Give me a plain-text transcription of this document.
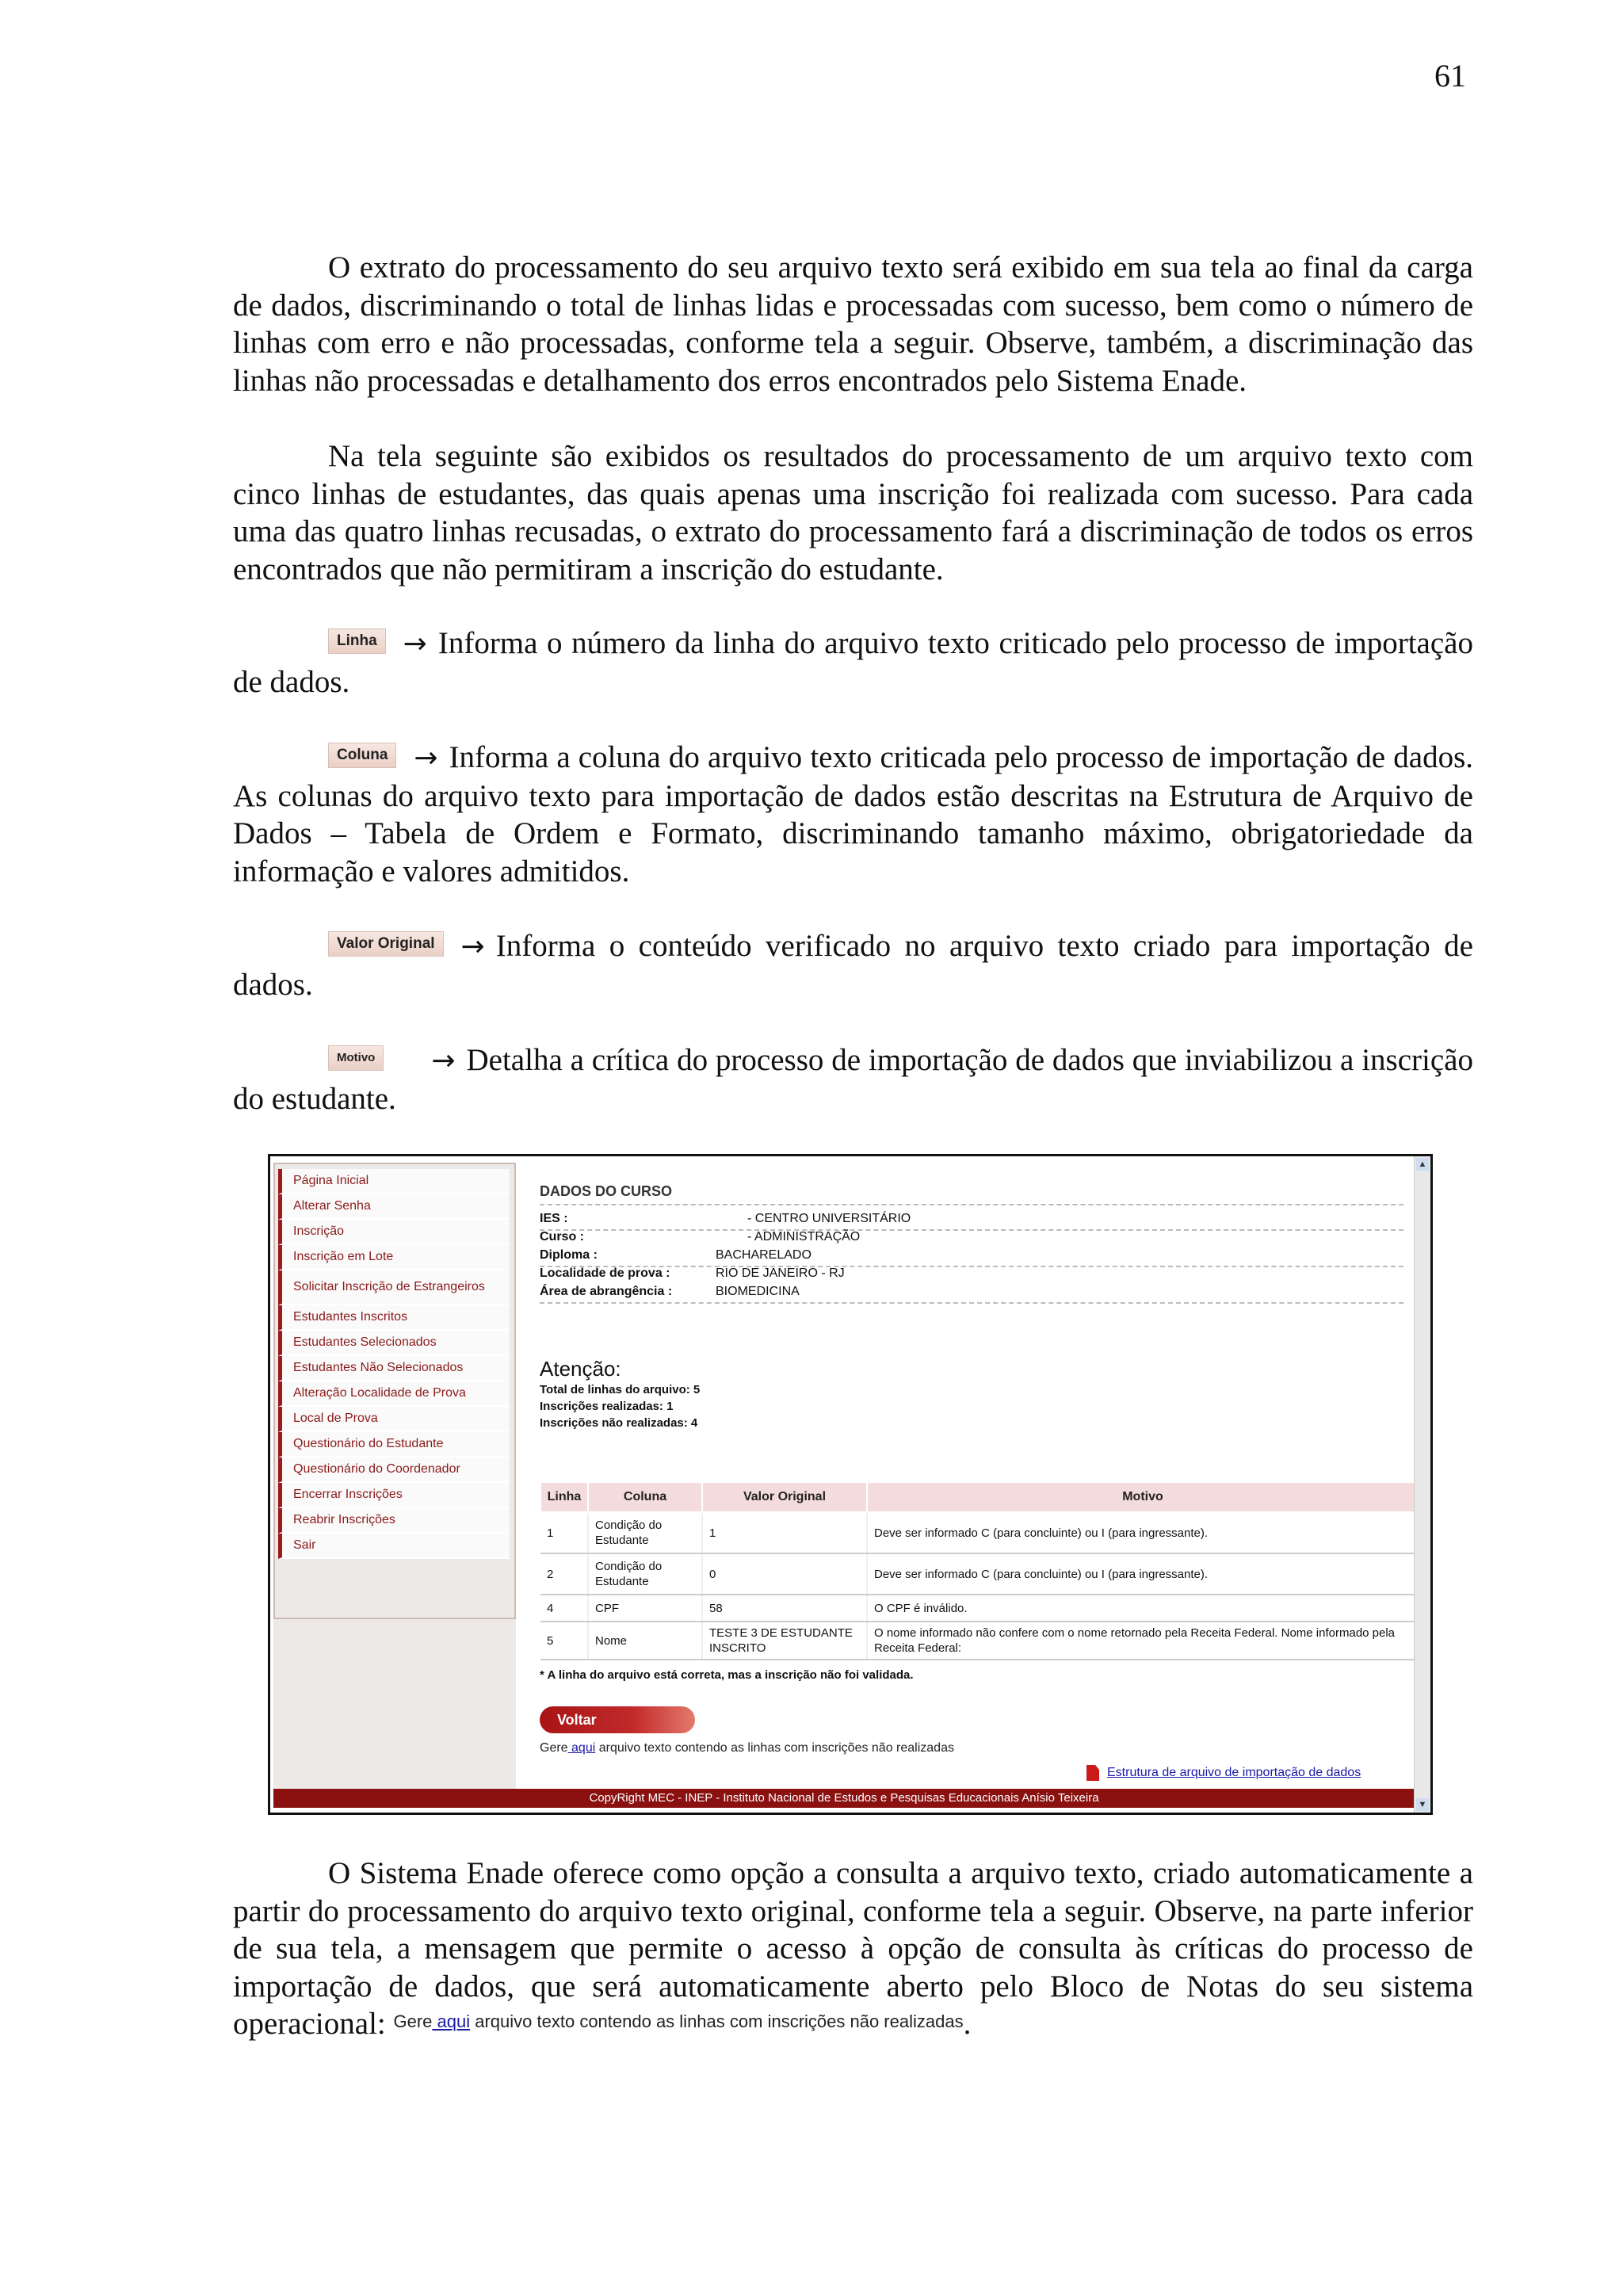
61

O extrato do processamento do seu arquivo texto será exibido em sua tela ao final da carga de dados, discriminando o total de linhas lidas e processadas com sucesso, bem como o número de linhas com erro e não processadas, conforme tela a seguir. Observe, também, a discriminação das linhas não processadas e detalhamento dos erros encontrados pelo Sistema Enade.

Na tela seguinte são exibidos os resultados do processamento de um arquivo texto com cinco linhas de estudantes, das quais apenas uma inscrição foi realizada com sucesso. Para cada uma das quatro linhas recusadas, o extrato do processamento fará a discriminação de todos os erros encontrados que não permitiram a inscrição do estudante.

Linha → Informa o número da linha do arquivo texto criticado pelo processo de importação de dados.

Coluna → Informa a coluna do arquivo texto criticada pelo processo de importação de dados. As colunas do arquivo texto para importação de dados estão descritas na Estrutura de Arquivo de Dados – Tabela de Ordem e Formato, discriminando tamanho máximo, obrigatoriedade da informação e valores admitidos.

Valor Original → Informa o conteúdo verificado no arquivo texto criado para importação de dados.

Motivo → Detalha a crítica do processo de importação de dados que inviabilizou a inscrição do estudante.

Página Inicial
Alterar Senha
Inscrição
Inscrição em Lote
Solicitar Inscrição de Estrangeiros
Estudantes Inscritos
Estudantes Selecionados
Estudantes Não Selecionados
Alteração Localidade de Prova
Local de Prova
Questionário do Estudante
Questionário do Coordenador
Encerrar Inscrições
Reabrir Inscrições
Sair
DADOS DO CURSO
IES :	- CENTRO UNIVERSITÁRIO
Curso :	- ADMINISTRAÇÃO
Diploma :	BACHARELADO
Localidade de prova :	RIO DE JANEIRO - RJ
Área de abrangência :	BIOMEDICINA
Atenção:
Total de linhas do arquivo: 5
Inscrições realizadas: 1
Inscrições não realizadas: 4
Linha	Coluna	Valor Original	Motivo
1	Condição do Estudante	1	Deve ser informado C (para concluinte) ou I (para ingressante).
2	Condição do Estudante	0	Deve ser informado C (para concluinte) ou I (para ingressante).
4	CPF	58	O CPF é inválido.
5	Nome	TESTE 3 DE ESTUDANTE INSCRITO	O nome informado não confere com o nome retornado pela Receita Federal. Nome informado pela Receita Federal:
* A linha do arquivo está correta, mas a inscrição não foi validada.
Voltar
Gere aqui arquivo texto contendo as linhas com inscrições não realizadas
Estrutura de arquivo de importação de dados
CopyRight MEC - INEP - Instituto Nacional de Estudos e Pesquisas Educacionais Anísio Teixeira
▲
▼

O Sistema Enade oferece como opção a consulta a arquivo texto, criado automaticamente a partir do processamento do arquivo texto original, conforme tela a seguir. Observe, na parte inferior de sua tela, a mensagem que permite o acesso à opção de consulta às críticas do processo de importação de dados, que será automaticamente aberto pelo Bloco de Notas do seu sistema operacional: $^{Gere aqui arquivo texto contendo as linhas com inscrições não realizadas}$.
